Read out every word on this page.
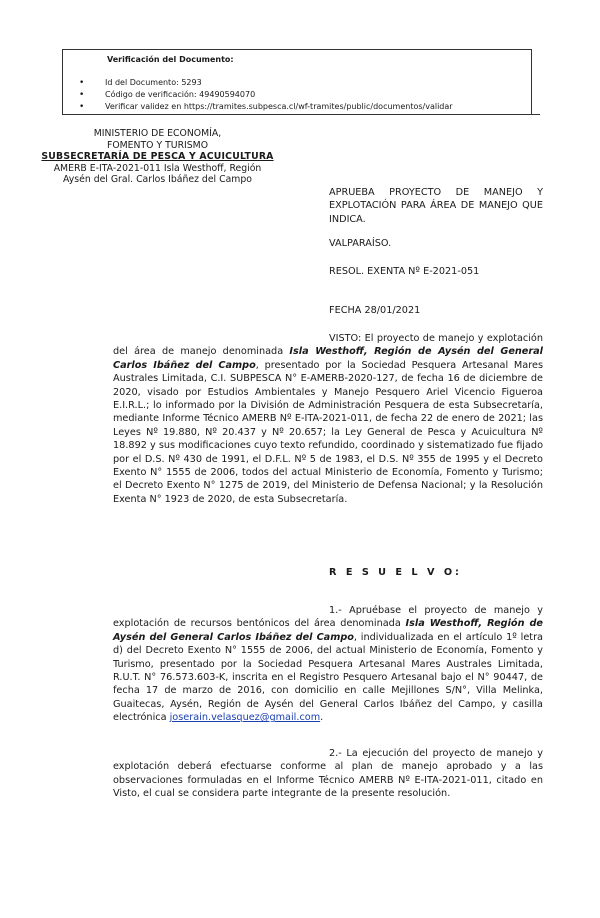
Verificación del Documento:
• Id del Documento: 5293
• Código de verificación: 49490594070
• Verificar validez en https://tramites.subpesca.cl/wf-tramites/public/documentos/validar
MINISTERIO DE ECONOMÍA,
FOMENTO Y TURISMO
SUBSECRETARÍA DE PESCA Y ACUICULTURA
AMERB E-ITA-2021-011 Isla Westhoff, Región
Aysén del Gral. Carlos Ibáñez del Campo
APRUEBA PROYECTO DE MANEJO Y EXPLOTACIÓN PARA ÁREA DE MANEJO QUE INDICA.
VALPARAÍSO.
RESOL. EXENTA Nº E-2021-051
FECHA 28/01/2021
VISTO: El proyecto de manejo y explotación del área de manejo denominada Isla Westhoff, Región de Aysén del General Carlos Ibáñez del Campo, presentado por la Sociedad Pesquera Artesanal Mares Australes Limitada, C.I. SUBPESCA N° E-AMERB-2020-127, de fecha 16 de diciembre de 2020, visado por Estudios Ambientales y Manejo Pesquero Ariel Vicencio Figueroa E.I.R.L.; lo informado por la División de Administración Pesquera de esta Subsecretaría, mediante Informe Técnico AMERB Nº E-ITA-2021-011, de fecha 22 de enero de 2021; las Leyes Nº 19.880, Nº 20.437 y Nº 20.657; la Ley General de Pesca y Acuicultura Nº 18.892 y sus modificaciones cuyo texto refundido, coordinado y sistematizado fue fijado por el D.S. Nº 430 de 1991, el D.F.L. Nº 5 de 1983, el D.S. Nº 355 de 1995 y el Decreto Exento N° 1555 de 2006, todos del actual Ministerio de Economía, Fomento y Turismo; el Decreto Exento N° 1275 de 2019, del Ministerio de Defensa Nacional; y la Resolución Exenta N° 1923 de 2020, de esta Subsecretaría.
R E S U E L V O:
1.- Apruébase el proyecto de manejo y explotación de recursos bentónicos del área denominada Isla Westhoff, Región de Aysén del General Carlos Ibáñez del Campo, individualizada en el artículo 1º letra d) del Decreto Exento N° 1555 de 2006, del actual Ministerio de Economía, Fomento y Turismo, presentado por la Sociedad Pesquera Artesanal Mares Australes Limitada, R.U.T. N° 76.573.603-K, inscrita en el Registro Pesquero Artesanal bajo el N° 90447, de fecha 17 de marzo de 2016, con domicilio en calle Mejillones S/N°, Villa Melinka, Guaitecas, Aysén, Región de Aysén del General Carlos Ibáñez del Campo, y casilla electrónica joserain.velasquez@gmail.com.
2.- La ejecución del proyecto de manejo y explotación deberá efectuarse conforme al plan de manejo aprobado y a las observaciones formuladas en el Informe Técnico AMERB Nº E-ITA-2021-011, citado en Visto, el cual se considera parte integrante de la presente resolución.
